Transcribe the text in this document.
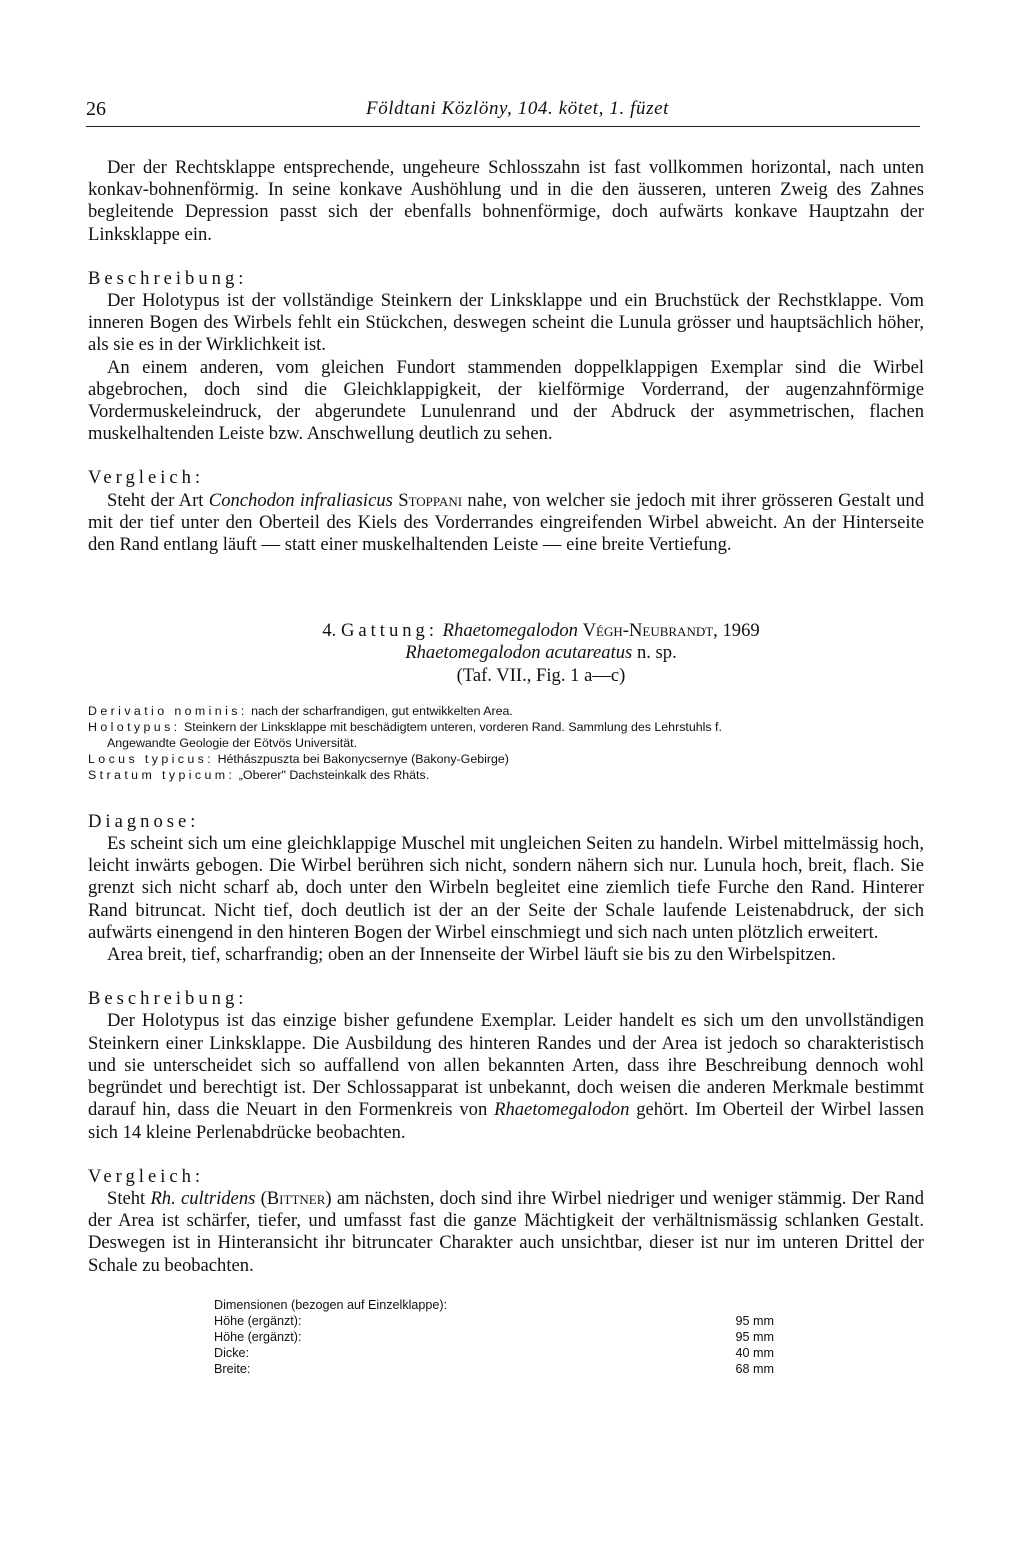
26	Földtani Közlöny, 104. kötet, 1. füzet

Der der Rechtsklappe entsprechende, ungeheure Schlosszahn ist fast vollkommen horizontal, nach unten konkav-bohnenförmig. In seine konkave Aushöhlung und in die den äusseren, unteren Zweig des Zahnes begleitende Depression passt sich der ebenfalls bohnenförmige, doch aufwärts konkave Hauptzahn der Linksklappe ein.

Beschreibung:

Der Holotypus ist der vollständige Steinkern der Linksklappe und ein Bruchstück der Rechstklappe. Vom inneren Bogen des Wirbels fehlt ein Stückchen, deswegen scheint die Lunula grösser und hauptsächlich höher, als sie es in der Wirklichkeit ist.

An einem anderen, vom gleichen Fundort stammenden doppelklappigen Exemplar sind die Wirbel abgebrochen, doch sind die Gleichklappigkeit, der kielförmige Vorderrand, der augenzahnförmige Vordermuskeleindruck, der abgerundete Lunulenrand und der Abdruck der asymmetrischen, flachen muskelhaltenden Leiste bzw. Anschwellung deutlich zu sehen.

Vergleich:

Steht der Art Conchodon infraliasicus Stoppani nahe, von welcher sie jedoch mit ihrer grösseren Gestalt und mit der tief unter den Oberteil des Kiels des Vorderrandes eingreifenden Wirbel abweicht. An der Hinterseite den Rand entlang läuft — statt einer muskelhaltenden Leiste — eine breite Vertiefung.

4. Gattung: Rhaetomegalodon Végh-Neubrandt, 1969
Rhaetomegalodon acutareatus n. sp.
(Taf. VII., Fig. 1 a—c)
Derivatio nominis: nach der scharfrandigen, gut entwikkelten Area.
Holotypus: Steinkern der Linksklappe mit beschädigtem unteren, vorderen Rand. Sammlung des Lehrstuhls f.
Angewandte Geologie der Eötvös Universität.
Locus typicus: Héthászpuszta bei Bakonycsernye (Bakony-Gebirge)
Stratum typicum: „Oberer" Dachsteinkalk des Rhäts.
Diagnose:

Es scheint sich um eine gleichklappige Muschel mit ungleichen Seiten zu handeln. Wirbel mittelmässig hoch, leicht inwärts gebogen. Die Wirbel berühren sich nicht, sondern nähern sich nur. Lunula hoch, breit, flach. Sie grenzt sich nicht scharf ab, doch unter den Wirbeln begleitet eine ziemlich tiefe Furche den Rand. Hinterer Rand bitruncat. Nicht tief, doch deutlich ist der an der Seite der Schale laufende Leistenabdruck, der sich aufwärts einengend in den hinteren Bogen der Wirbel einschmiegt und sich nach unten plötzlich erweitert.

Area breit, tief, scharfrandig; oben an der Innenseite der Wirbel läuft sie bis zu den Wirbelspitzen.

Beschreibung:

Der Holotypus ist das einzige bisher gefundene Exemplar. Leider handelt es sich um den unvollständigen Steinkern einer Linksklappe. Die Ausbildung des hinteren Randes und der Area ist jedoch so charakteristisch und sie unterscheidet sich so auffallend von allen bekannten Arten, dass ihre Beschreibung dennoch wohl begründet und berechtigt ist. Der Schlossapparat ist unbekannt, doch weisen die anderen Merkmale bestimmt darauf hin, dass die Neuart in den Formenkreis von Rhaetomegalodon gehört. Im Oberteil der Wirbel lassen sich 14 kleine Perlenabdrücke beobachten.

Vergleich:

Steht Rh. cultridens (Bittner) am nächsten, doch sind ihre Wirbel niedriger und weniger stämmig. Der Rand der Area ist schärfer, tiefer, und umfasst fast die ganze Mächtigkeit der verhältnismässig schlanken Gestalt. Deswegen ist in Hinteransicht ihr bitruncater Charakter auch unsichtbar, dieser ist nur im unteren Drittel der Schale zu beobachten.

Dimensionen (bezogen auf Einzelklappe):
Höhe (ergänzt):	95 mm
Höhe (ergänzt):	95 mm
Dicke:	40 mm
Breite:	68 mm
